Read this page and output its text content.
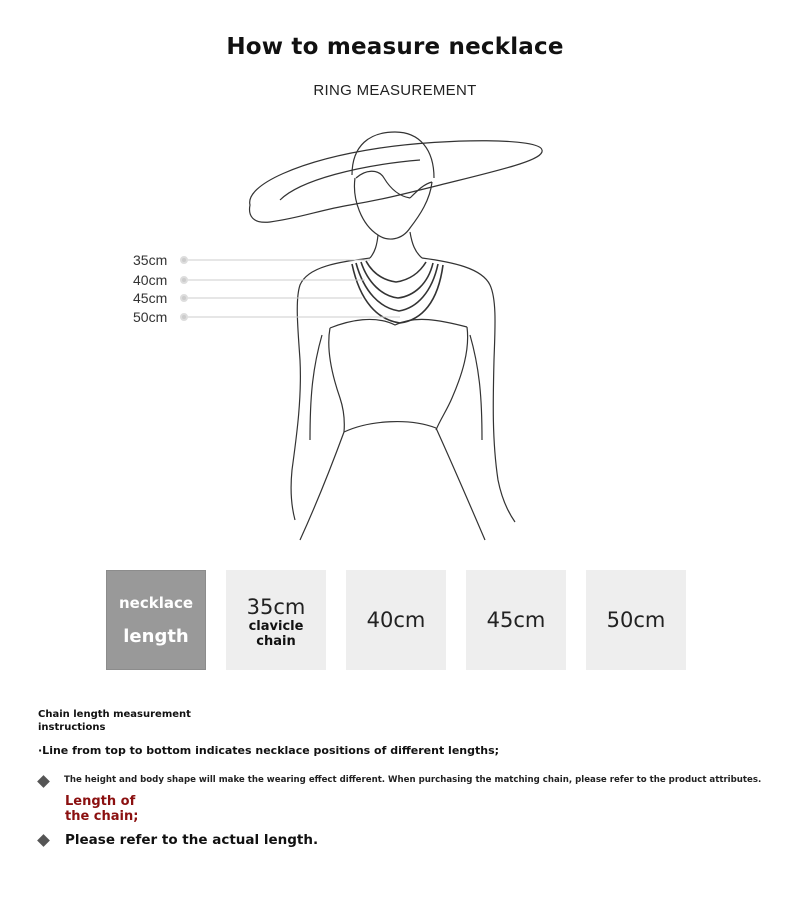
How to measure necklace
RING MEASUREMENT
35cm
40cm
45cm
50cm
necklace
length
35cm
clavicle chain
40cm	45cm	50cm
Chain length measurement instructions
·Line from top to bottom indicates necklace positions of different lengths;
The height and body shape will make the wearing effect different. When purchasing the matching chain, please refer to the product attributes.
Length of the chain;
Please refer to the actual length.
